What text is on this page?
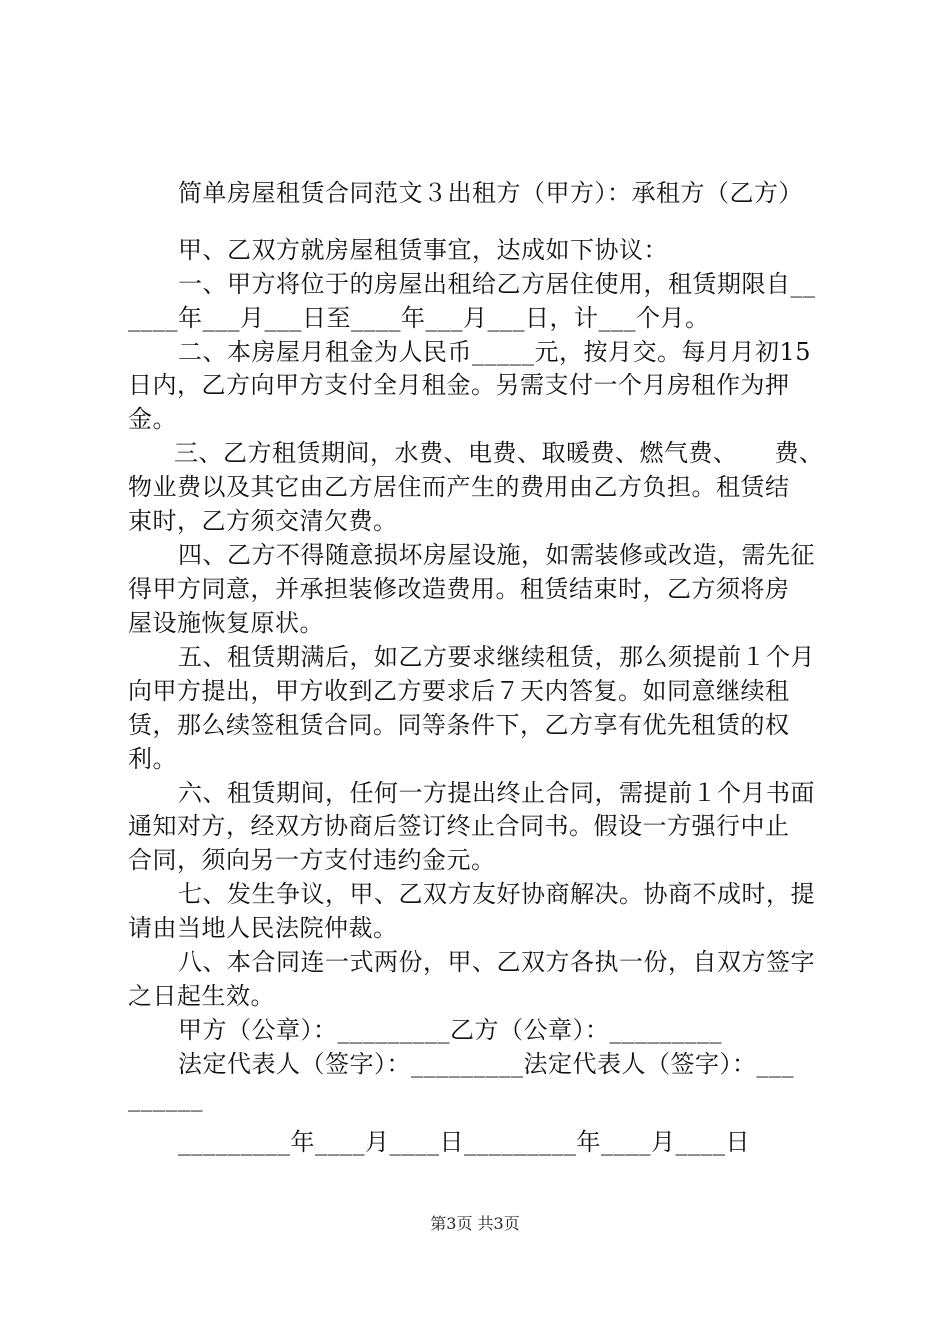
简单房屋租赁合同范文３出租方（甲方）：承租方（乙方）
甲、乙双方就房屋租赁事宜，达成如下协议：
一、甲方将位于的房屋出租给乙方居住使用，租赁期限自__
____年___月___日至____年___月___日，计___个月。
二、本房屋月租金为人民币_____元，按月交。每月月初15
日内，乙方向甲方支付全月租金。另需支付一个月房租作为押
金。
三、乙方租赁期间，水费、电费、取暖费、燃气费、　　费、
物业费以及其它由乙方居住而产生的费用由乙方负担。租赁结
束时，乙方须交清欠费。
四、乙方不得随意损坏房屋设施，如需装修或改造，需先征
得甲方同意，并承担装修改造费用。租赁结束时，乙方须将房
屋设施恢复原状。
五、租赁期满后，如乙方要求继续租赁，那么须提前１个月
向甲方提出，甲方收到乙方要求后７天内答复。如同意继续租
赁，那么续签租赁合同。同等条件下，乙方享有优先租赁的权
利。
六、租赁期间，任何一方提出终止合同，需提前１个月书面
通知对方，经双方协商后签订终止合同书。假设一方强行中止
合同，须向另一方支付违约金元。
七、发生争议，甲、乙双方友好协商解决。协商不成时，提
请由当地人民法院仲裁。
八、本合同连一式两份，甲、乙双方各执一份，自双方签字
之日起生效。
甲方（公章）：_________乙方（公章）：_________
法定代表人（签字）：_________法定代表人（签字）：___
______
_________年____月____日_________年____月____日
第3页 共3页
